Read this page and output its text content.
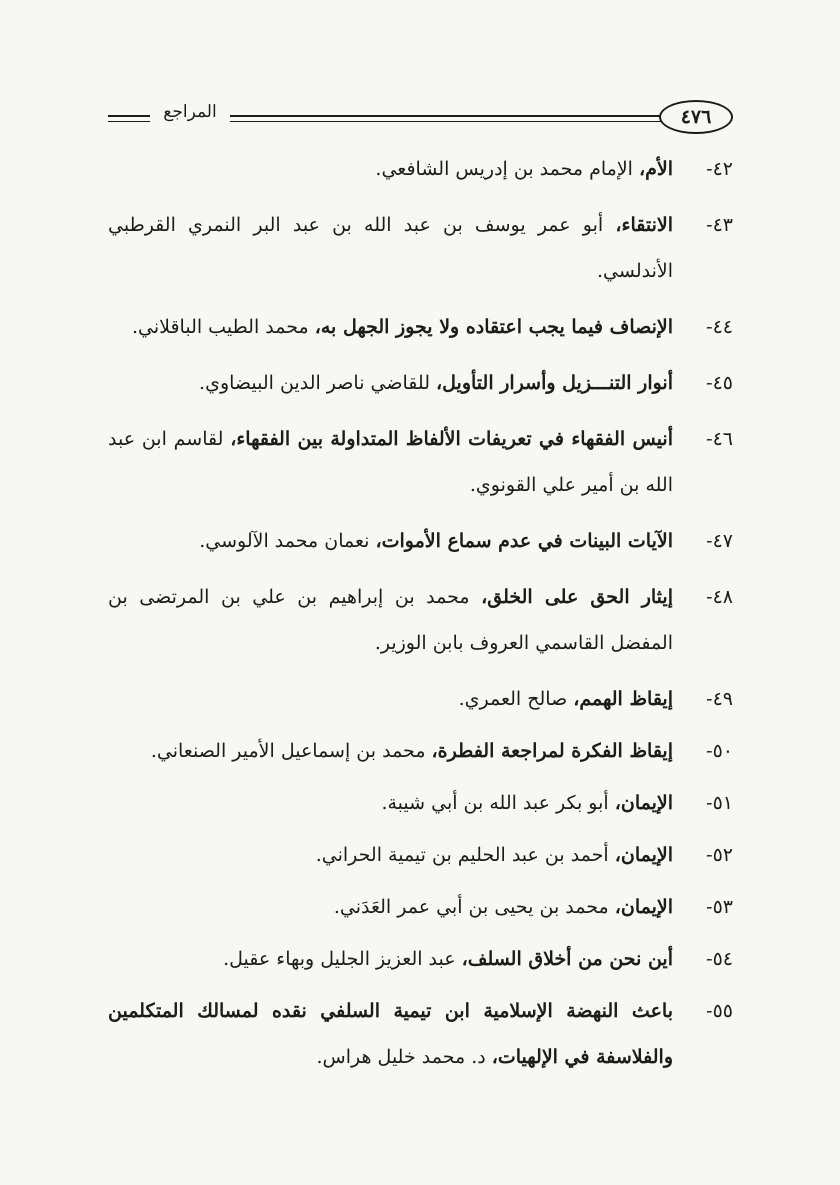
٤٧٦
المراجع
٤٢-
الأم، الإمام محمد بن إدريس الشافعي.
٤٣-
الانتقاء، أبو عمر يوسف بن عبد الله بن عبد البر النمري القرطبي الأندلسي.
٤٤-
الإنصاف فيما يجب اعتقاده ولا يجوز الجهل به، محمد الطيب الباقلاني.
٤٥-
أنوار التنـــزيل وأسرار التأويل، للقاضي ناصر الدين البيضاوي.
٤٦-
أنيس الفقهاء في تعريفات الألفاظ المتداولة بين الفقهاء، لقاسم ابن عبد الله بن أمير علي القونوي.
٤٧-
الآيات البينات في عدم سماع الأموات، نعمان محمد الآلوسي.
٤٨-
إيثار الحق على الخلق، محمد بن إبراهيم بن علي بن المرتضى بن المفضل القاسمي العروف بابن الوزير.
٤٩-
إيقاظ الهمم، صالح العمري.
٥٠-
إيقاظ الفكرة لمراجعة الفطرة، محمد بن إسماعيل الأمير الصنعاني.
٥١-
الإيمان، أبو بكر عبد الله بن أبي شيبة.
٥٢-
الإيمان، أحمد بن عبد الحليم بن تيمية الحراني.
٥٣-
الإيمان، محمد بن يحيى بن أبي عمر العَدَني.
٥٤-
أين نحن من أخلاق السلف، عبد العزيز الجليل وبهاء عقيل.
٥٥-
باعث النهضة الإسلامية ابن تيمية السلفي نقده لمسالك المتكلمين والفلاسفة في الإلهيات، د. محمد خليل هراس.
